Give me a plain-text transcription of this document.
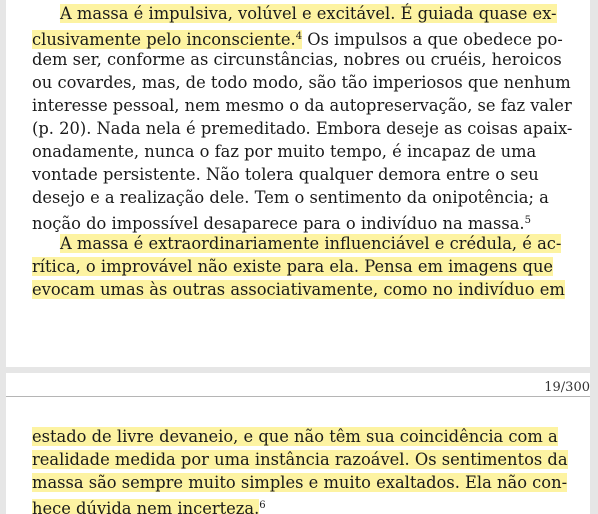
A massa é impulsiva, volúvel e excitável. É guiada quase ex-
clusivamente pelo inconsciente.$^4$ Os impulsos a que obedece po-
dem ser, conforme as circunstâncias, nobres ou cruéis, heroicos
ou covardes, mas, de todo modo, são tão imperiosos que nenhum
interesse pessoal, nem mesmo o da autopreservação, se faz valer
(p. 20). Nada nela é premeditado. Embora deseje as coisas apaix-
onadamente, nunca o faz por muito tempo, é incapaz de uma
vontade persistente. Não tolera qualquer demora entre o seu
desejo e a realização dele. Tem o sentimento da onipotência; a
noção do impossível desaparece para o indivíduo na massa.$^5$
A massa é extraordinariamente influenciável e crédula, é ac-
rítica, o improvável não existe para ela. Pensa em imagens que
evocam umas às outras associativamente, como no indivíduo em
estado de livre devaneio, e que não têm sua coincidência com a
realidade medida por uma instância razoável. Os sentimentos da
massa são sempre muito simples e muito exaltados. Ela não con-
hece dúvida nem incerteza.$^6$
19/300
